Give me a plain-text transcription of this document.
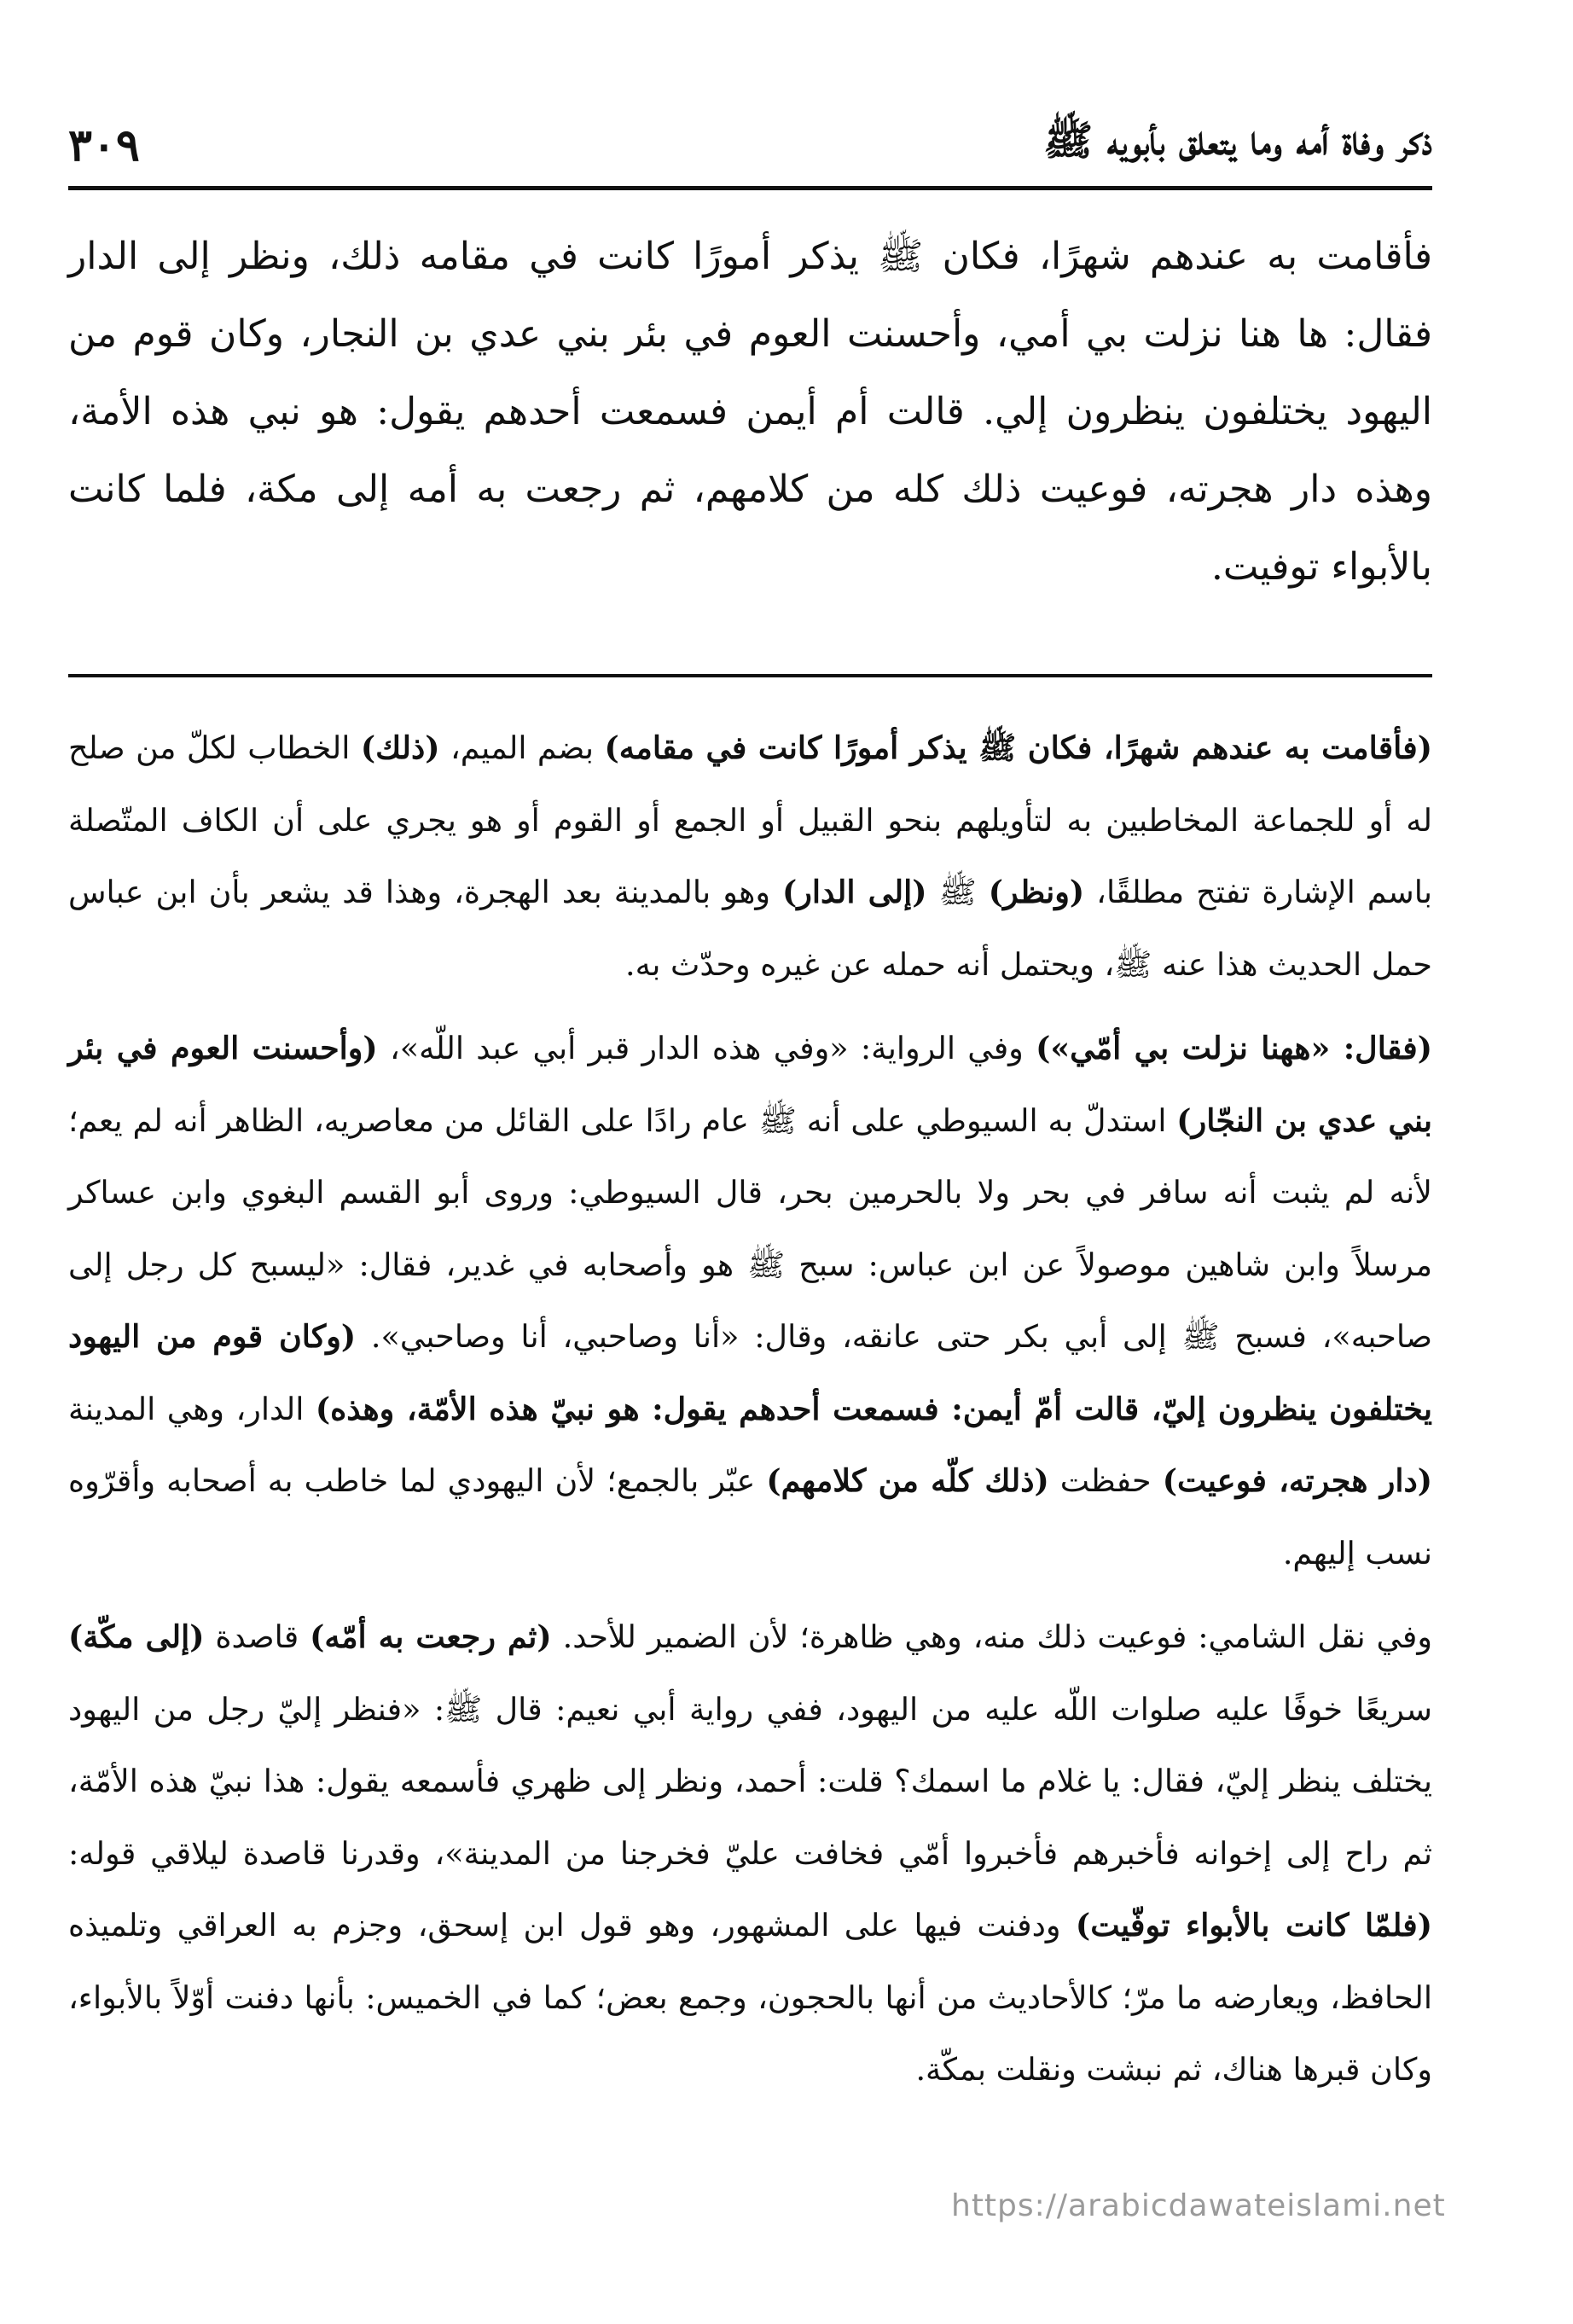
ذكر وفاة أمه وما يتعلق بأبويه ﷺ
٣٠٩
فأقامت به عندهم شهرًا، فكان ﷺ يذكر أمورًا كانت في مقامه ذلك، ونظر إلى الدار فقال: ها هنا نزلت بي أمي، وأحسنت العوم في بئر بني عدي بن النجار، وكان قوم من اليهود يختلفون ينظرون إلي. قالت أم أيمن فسمعت أحدهم يقول: هو نبي هذه الأمة، وهذه دار هجرته، فوعيت ذلك كله من كلامهم، ثم رجعت به أمه إلى مكة، فلما كانت بالأبواء توفيت.

(فأقامت به عندهم شهرًا، فكان ﷺ يذكر أمورًا كانت في مقامه) بضم الميم، (ذلك) الخطاب لكلّ من صلح له أو للجماعة المخاطبين به لتأويلهم بنحو القبيل أو الجمع أو القوم أو هو يجري على أن الكاف المتّصلة باسم الإشارة تفتح مطلقًا، (ونظر) ﷺ (إلى الدار) وهو بالمدينة بعد الهجرة، وهذا قد يشعر بأن ابن عباس حمل الحديث هذا عنه ﷺ، ويحتمل أنه حمله عن غيره وحدّث به.

(فقال: «ههنا نزلت بي أمّي») وفي الرواية: «وفي هذه الدار قبر أبي عبد اللّه»، (وأحسنت العوم في بئر بني عدي بن النجّار) استدلّ به السيوطي على أنه ﷺ عام رادًا على القائل من معاصريه، الظاهر أنه لم يعم؛ لأنه لم يثبت أنه سافر في بحر ولا بالحرمين بحر، قال السيوطي: وروى أبو القسم البغوي وابن عساكر مرسلاً وابن شاهين موصولاً عن ابن عباس: سبح ﷺ هو وأصحابه في غدير، فقال: «ليسبح كل رجل إلى صاحبه»، فسبح ﷺ إلى أبي بكر حتى عانقه، وقال: «أنا وصاحبي، أنا وصاحبي». (وكان قوم من اليهود يختلفون ينظرون إليّ، قالت أمّ أيمن: فسمعت أحدهم يقول: هو نبيّ هذه الأمّة، وهذه) الدار، وهي المدينة (دار هجرته، فوعيت) حفظت (ذلك كلّه من كلامهم) عبّر بالجمع؛ لأن اليهودي لما خاطب به أصحابه وأقرّوه نسب إليهم.

وفي نقل الشامي: فوعيت ذلك منه، وهي ظاهرة؛ لأن الضمير للأحد. (ثم رجعت به أمّه) قاصدة (إلى مكّة) سريعًا خوفًا عليه صلوات اللّه عليه من اليهود، ففي رواية أبي نعيم: قال ﷺ: «فنظر إليّ رجل من اليهود يختلف ينظر إليّ، فقال: يا غلام ما اسمك؟ قلت: أحمد، ونظر إلى ظهري فأسمعه يقول: هذا نبيّ هذه الأمّة، ثم راح إلى إخوانه فأخبرهم فأخبروا أمّي فخافت عليّ فخرجنا من المدينة»، وقدرنا قاصدة ليلاقي قوله: (فلمّا كانت بالأبواء توفّيت) ودفنت فيها على المشهور، وهو قول ابن إسحق، وجزم به العراقي وتلميذه الحافظ، ويعارضه ما مرّ؛ كالأحاديث من أنها بالحجون، وجمع بعض؛ كما في الخميس: بأنها دفنت أوّلاً بالأبواء، وكان قبرها هناك، ثم نبشت ونقلت بمكّة.

https://arabicdawateislami.net
